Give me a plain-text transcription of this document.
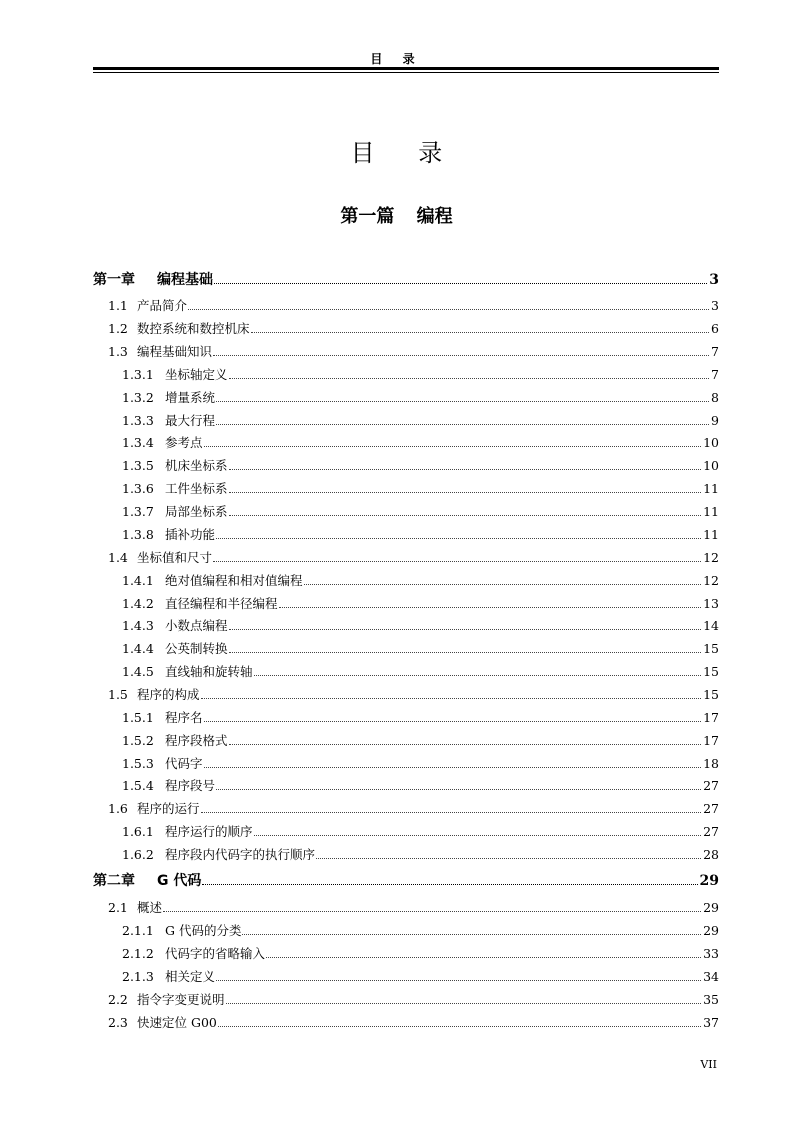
目 录
目 录
第一篇 编程
第一章	编程基础	3
1.1 产品简介	3
1.2 数控系统和数控机床	6
1.3 编程基础知识	7
1.3.1 坐标轴定义	7
1.3.2 增量系统	8
1.3.3 最大行程	9
1.3.4 参考点	10
1.3.5 机床坐标系	10
1.3.6 工件坐标系	11
1.3.7 局部坐标系	11
1.3.8 插补功能	11
1.4 坐标值和尺寸	12
1.4.1 绝对值编程和相对值编程	12
1.4.2 直径编程和半径编程	13
1.4.3 小数点编程	14
1.4.4 公英制转换	15
1.4.5 直线轴和旋转轴	15
1.5 程序的构成	15
1.5.1 程序名	17
1.5.2 程序段格式	17
1.5.3 代码字	18
1.5.4 程序段号	27
1.6 程序的运行	27
1.6.1 程序运行的顺序	27
1.6.2 程序段内代码字的执行顺序	28
第二章	G 代码	29
2.1 概述	29
2.1.1 G 代码的分类	29
2.1.2 代码字的省略输入	33
2.1.3 相关定义	34
2.2 指令字变更说明	35
2.3 快速定位 G00	37
VII
